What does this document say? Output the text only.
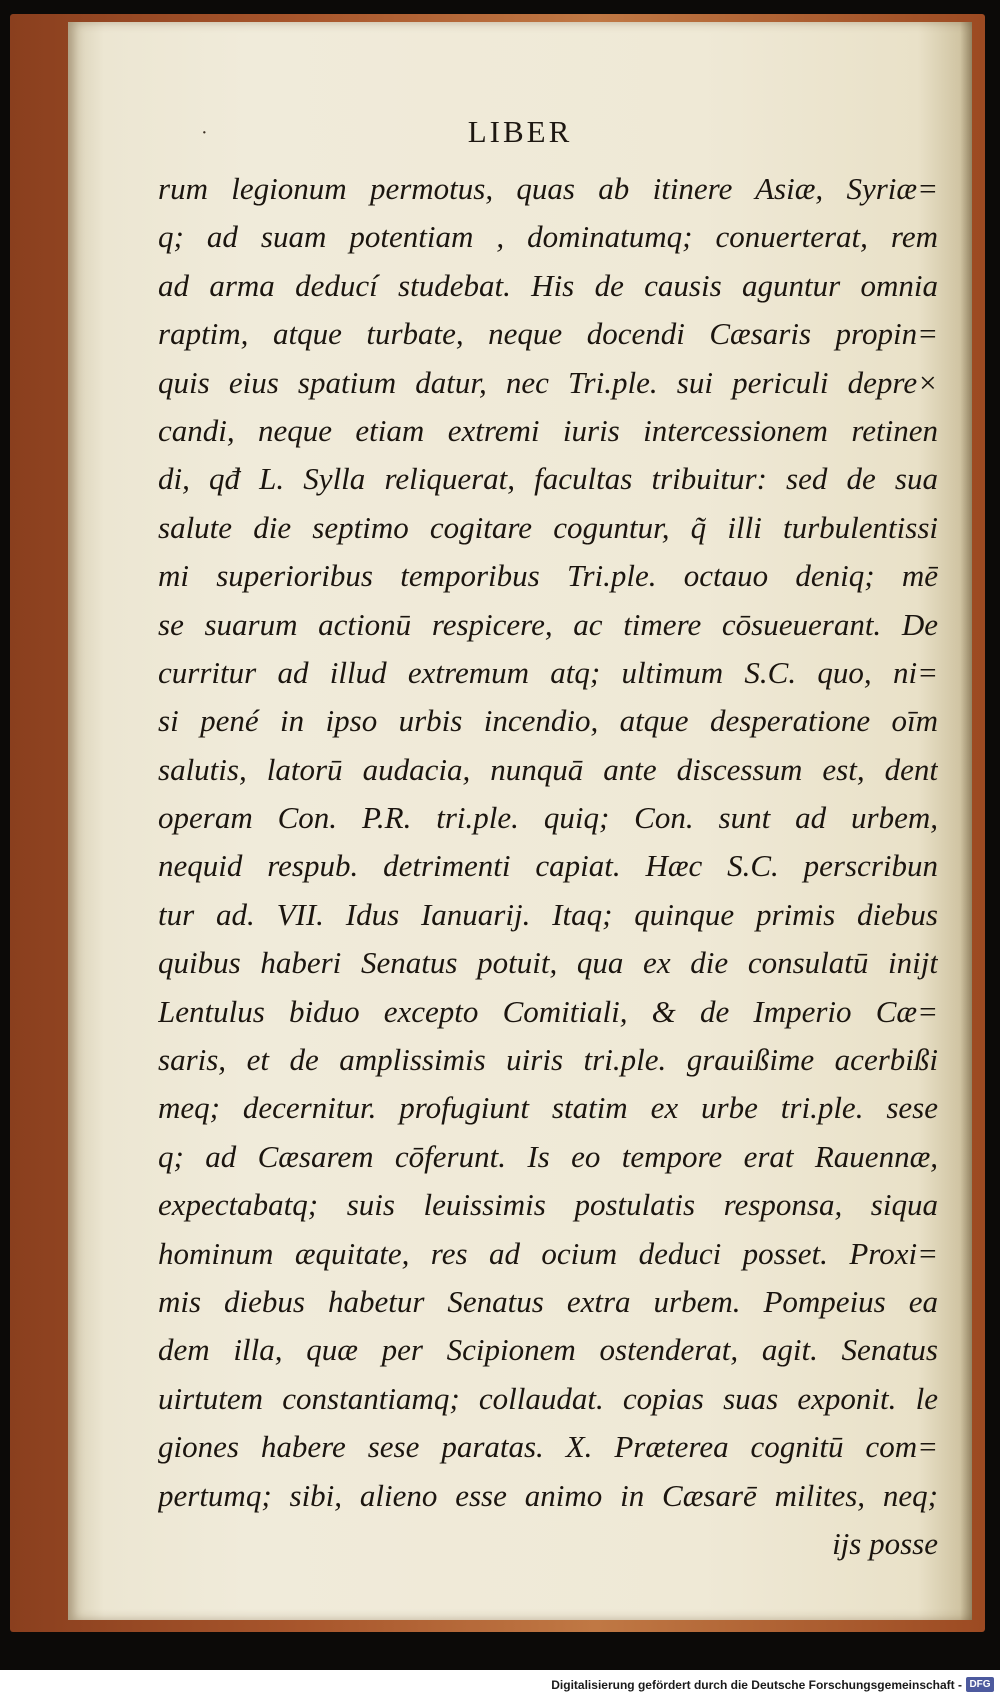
·	LIBER
rum legionum permotus, quas ab itinere Asiæ, Syriæ=
q; ad suam potentiam , dominatumq; conuerterat, rem
ad arma deducí studebat. His de causis aguntur omnia
raptim, atque turbate, neque docendi Cæsaris propin=
quis eius spatium datur, nec Tri.ple. sui periculi depre×
candi, neque etiam extremi iuris intercessionem retinen
di, qđ L. Sylla reliquerat, facultas tribuitur: sed de sua
salute die septimo cogitare coguntur, q̃ illi turbulentissi
mi superioribus temporibus Tri.ple. octauo deniq; mē
se suarum actionū respicere, ac timere cōsueuerant. De
curritur ad illud extremum atq; ultimum S.C. quo, ni=
si pené in ipso urbis incendio, atque desperatione oīm
salutis, latorū audacia, nunquā ante discessum est, dent
operam Con. P.R. tri.ple. quiq; Con. sunt ad urbem,
nequid respub. detrimenti capiat. Hæc S.C. perscribun
tur ad. VII. Idus Ianuarij. Itaq; quinque primis diebus
quibus haberi Senatus potuit, qua ex die consulatū inijt
Lentulus biduo excepto Comitiali, & de Imperio Cæ=
saris, et de amplissimis uiris tri.ple. grauißime acerbißi
meq; decernitur. profugiunt statim ex urbe tri.ple. sese
q; ad Cæsarem cōferunt. Is eo tempore erat Rauennæ,
expectabatq; suis leuissimis postulatis responsa, siqua
hominum æquitate, res ad ocium deduci posset. Proxi=
mis diebus habetur Senatus extra urbem. Pompeius ea
dem illa, quæ per Scipionem ostenderat, agit. Senatus
uirtutem constantiamq; collaudat. copias suas exponit. le
giones habere sese paratas. X. Præterea cognitū com=
pertumq; sibi, alieno esse animo in Cæsarē milites, neq;
ijs posse
Digitalisierung gefördert durch die Deutsche Forschungsgemeinschaft - DFG
